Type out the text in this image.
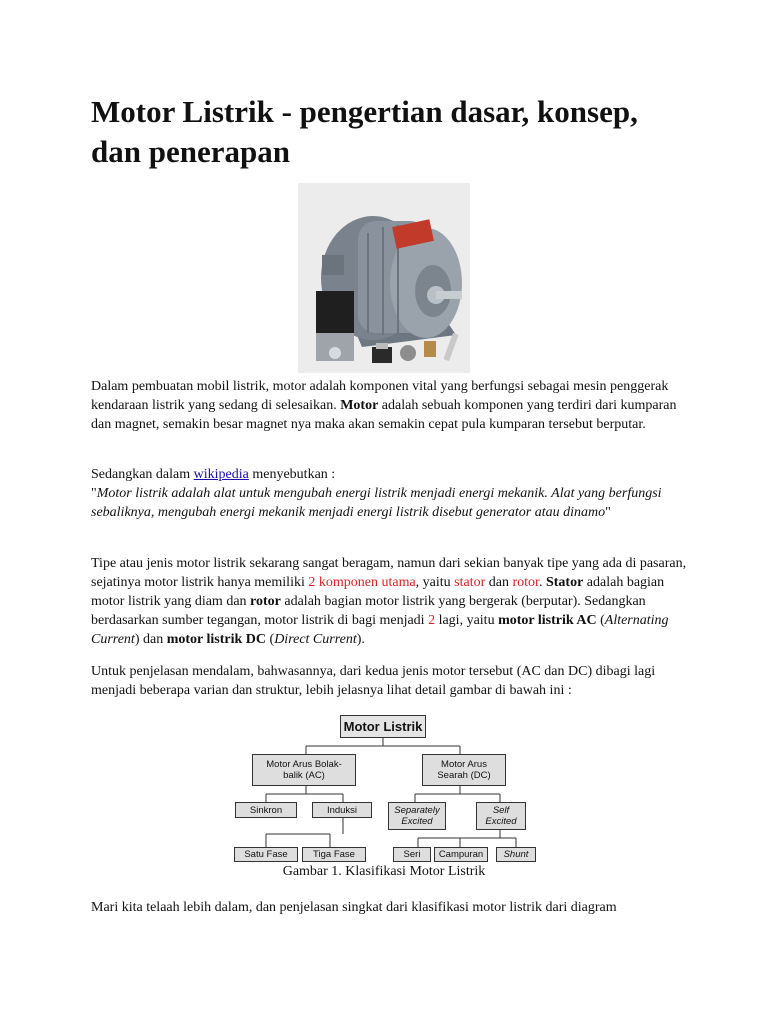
Motor Listrik - pengertian dasar, konsep, dan penerapan

Dalam pembuatan mobil listrik, motor adalah komponen vital yang berfungsi sebagai mesin penggerak kendaraan listrik yang sedang di selesaikan. Motor adalah sebuah komponen yang terdiri dari kumparan dan magnet, semakin besar magnet nya maka akan semakin cepat pula kumparan tersebut berputar.

Sedangkan dalam wikipedia menyebutkan :
"Motor listrik adalah alat untuk mengubah energi listrik menjadi energi mekanik. Alat yang berfungsi sebaliknya, mengubah energi mekanik menjadi energi listrik disebut generator atau dinamo"

Tipe atau jenis motor listrik sekarang sangat beragam, namun dari sekian banyak tipe yang ada di pasaran, sejatinya motor listrik hanya memiliki 2 komponen utama, yaitu stator dan rotor. Stator adalah bagian motor listrik yang diam dan rotor adalah bagian motor listrik yang bergerak (berputar). Sedangkan berdasarkan sumber tegangan, motor listrik di bagi menjadi 2 lagi, yaitu motor listrik AC (Alternating Current) dan motor listrik DC (Direct Current).

Untuk penjelasan mendalam, bahwasannya, dari kedua jenis motor tersebut (AC dan DC) dibagi lagi menjadi beberapa varian dan struktur, lebih jelasnya lihat detail gambar di bawah ini :

Motor Listrik
Motor Arus Bolak-balik (AC)
Motor Arus Searah (DC)
Sinkron	Induksi	Separately Excited
Self Excited
Satu Fase	Tiga Fase	Seri	Campuran	Shunt

Gambar 1. Klasifikasi Motor Listrik

Mari kita telaah lebih dalam, dan penjelasan singkat dari klasifikasi motor listrik dari diagram
